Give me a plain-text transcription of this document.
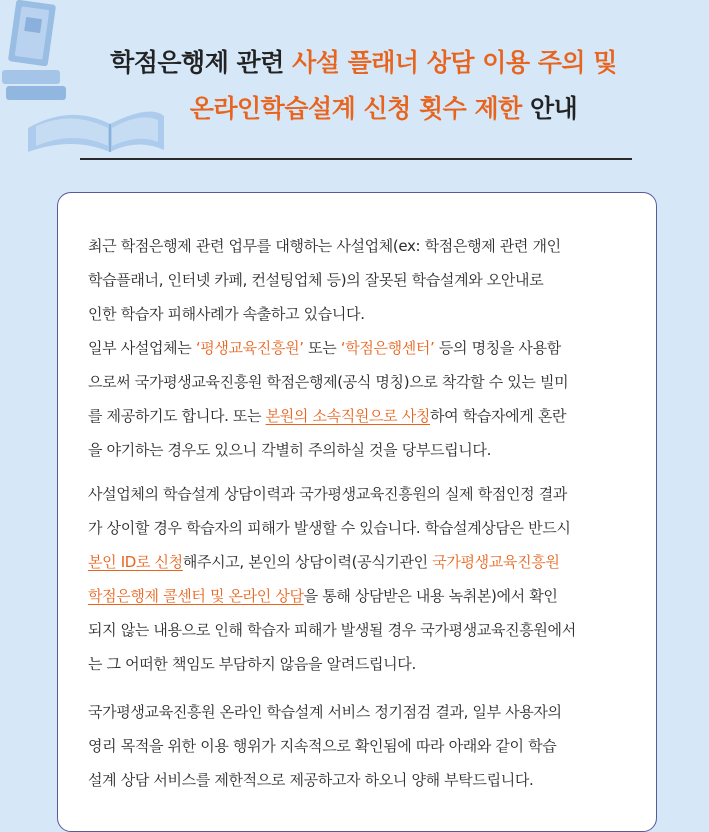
학점은행제 관련 사설 플래너 상담 이용 주의 및
온라인학습설계 신청 횟수 제한 안내
최근 학점은행제 관련 업무를 대행하는 사설업체(ex: 학점은행제 관련 개인
학습플래너, 인터넷 카페, 컨설팅업체 등)의 잘못된 학습설계와 오안내로
인한 학습자 피해사례가 속출하고 있습니다.
일부 사설업체는 ‘평생교육진흥원’ 또는 ‘학점은행센터’ 등의 명칭을 사용함
으로써 국가평생교육진흥원 학점은행제(공식 명칭)으로 착각할 수 있는 빌미
를 제공하기도 합니다. 또는 본원의 소속직원으로 사칭하여 학습자에게 혼란
을 야기하는 경우도 있으니 각별히 주의하실 것을 당부드립니다.
사설업체의 학습설계 상담이력과 국가평생교육진흥원의 실제 학점인정 결과
가 상이할 경우 학습자의 피해가 발생할 수 있습니다. 학습설계상담은 반드시
본인 ID로 신청해주시고, 본인의 상담이력(공식기관인 국가평생교육진흥원
학점은행제 콜센터 및 온라인 상담을 통해 상담받은 내용 녹취본)에서 확인
되지 않는 내용으로 인해 학습자 피해가 발생될 경우 국가평생교육진흥원에서
는 그 어떠한 책임도 부담하지 않음을 알려드립니다.
국가평생교육진흥원 온라인 학습설계 서비스 정기점검 결과, 일부 사용자의
영리 목적을 위한 이용 행위가 지속적으로 확인됨에 따라 아래와 같이 학습
설계 상담 서비스를 제한적으로 제공하고자 하오니 양해 부탁드립니다.
